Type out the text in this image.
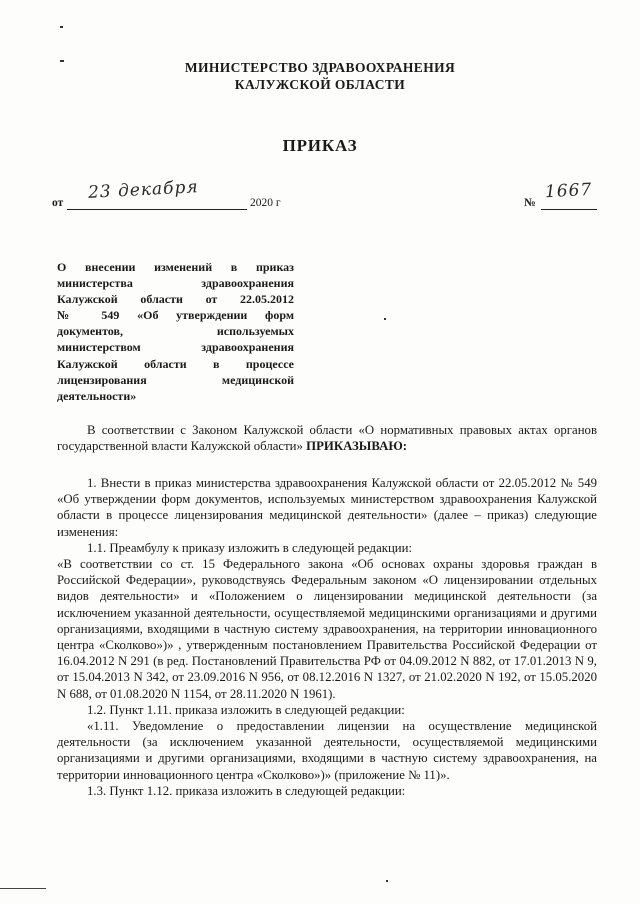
МИНИСТЕРСТВО ЗДРАВООХРАНЕНИЯ
КАЛУЖСКОЙ ОБЛАСТИ
ПРИКАЗ
от
23 декабря
2020 г	№
1667
О внесении изменений в приказ
министерства здравоохранения
Калужской области от 22.05.2012
№ 549 «Об утверждении форм
документов, используемых
министерством здравоохранения
Калужской области в процессе
лицензирования медицинской
деятельности»

В соответствии с Законом Калужской области «О нормативных правовых актах органов государственной власти Калужской области» ПРИКАЗЫВАЮ:

1. Внести в приказ министерства здравоохранения Калужской области от 22.05.2012 № 549 «Об утверждении форм документов, используемых министерством здравоохранения Калужской области в процессе лицензирования медицинской деятельности» (далее – приказ) следующие изменения:

1.1. Преамбулу к приказу изложить в следующей редакции:

«В соответствии со ст. 15 Федерального закона «Об основах охраны здоровья граждан в Российской Федерации», руководствуясь Федеральным законом «О лицензировании отдельных видов деятельности» и «Положением о лицензировании медицинской деятельности (за исключением указанной деятельности, осуществляемой медицинскими организациями и другими организациями, входящими в частную систему здравоохранения, на территории инновационного центра «Сколково»)» , утвержденным постановлением Правительства Российской Федерации от 16.04.2012 N 291 (в ред. Постановлений Правительства РФ от 04.09.2012 N 882, от 17.01.2013 N 9, от 15.04.2013 N 342, от 23.09.2016 N 956, от 08.12.2016 N 1327, от 21.02.2020 N 192, от 15.05.2020 N 688, от 01.08.2020 N 1154, от 28.11.2020 N 1961).

1.2. Пункт 1.11. приказа изложить в следующей редакции:

«1.11. Уведомление о предоставлении лицензии на осуществление медицинской деятельности (за исключением указанной деятельности, осуществляемой медицинскими организациями и другими организациями, входящими в частную систему здравоохранения, на территории инновационного центра «Сколково»)» (приложение № 11)».

1.3. Пункт 1.12. приказа изложить в следующей редакции:
